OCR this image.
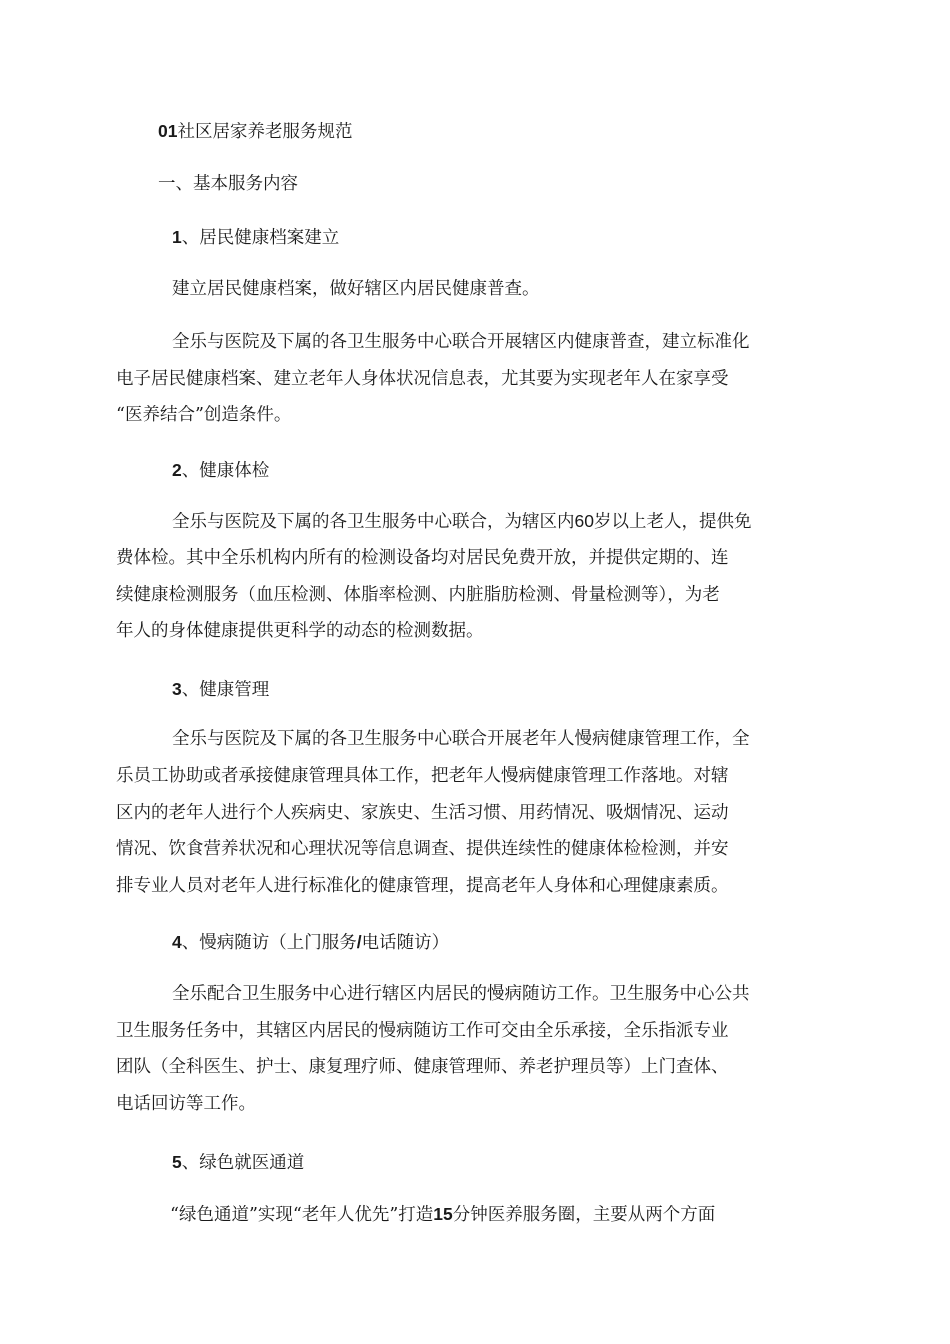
01社区居家养老服务规范
一、基本服务内容
1、居民健康档案建立
建立居民健康档案，做好辖区内居民健康普查。
全乐与医院及下属的各卫生服务中心联合开展辖区内健康普查，建立标准化
电子居民健康档案、建立老年人身体状况信息表，尤其要为实现老年人在家享受
“医养结合”创造条件。
2、健康体检
全乐与医院及下属的各卫生服务中心联合，为辖区内60岁以上老人，提供免
费体检。其中全乐机构内所有的检测设备均对居民免费开放，并提供定期的、连
续健康检测服务（血压检测、体脂率检测、内脏脂肪检测、骨量检测等），为老
年人的身体健康提供更科学的动态的检测数据。
3、健康管理
全乐与医院及下属的各卫生服务中心联合开展老年人慢病健康管理工作，全
乐员工协助或者承接健康管理具体工作，把老年人慢病健康管理工作落地。对辖
区内的老年人进行个人疾病史、家族史、生活习惯、用药情况、吸烟情况、运动
情况、饮食营养状况和心理状况等信息调查、提供连续性的健康体检检测，并安
排专业人员对老年人进行标准化的健康管理，提高老年人身体和心理健康素质。
4、慢病随访（上门服务/电话随访）
全乐配合卫生服务中心进行辖区内居民的慢病随访工作。卫生服务中心公共
卫生服务任务中，其辖区内居民的慢病随访工作可交由全乐承接，全乐指派专业
团队（全科医生、护士、康复理疗师、健康管理师、养老护理员等）上门查体、
电话回访等工作。
5、绿色就医通道
“绿色通道”实现“老年人优先”打造15分钟医养服务圈，主要从两个方面
